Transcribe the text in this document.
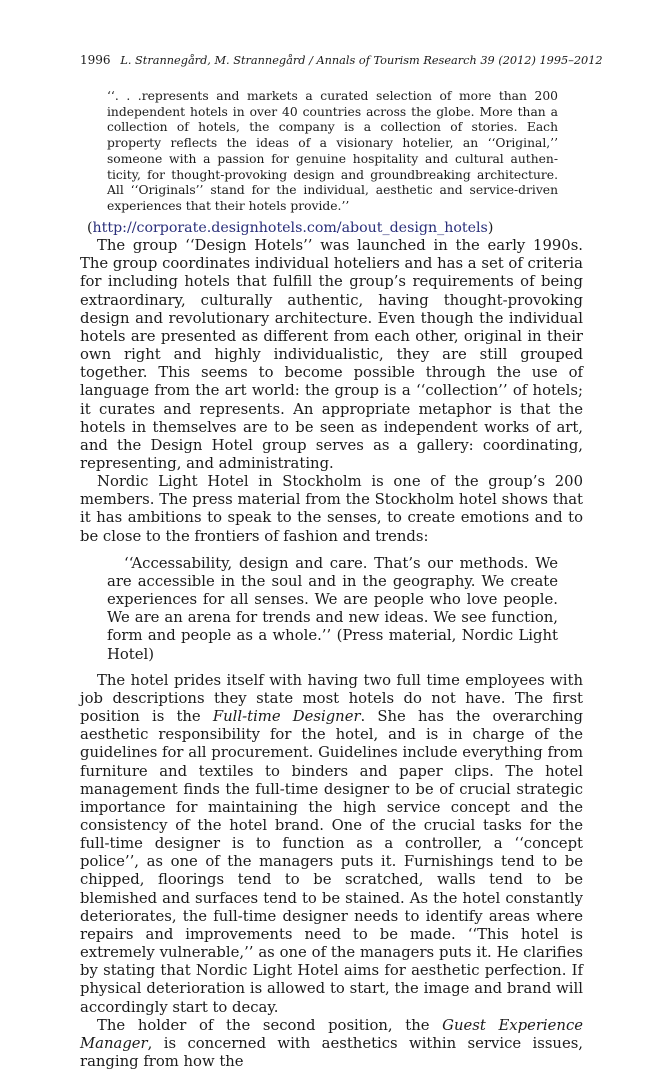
1996 L. Strannegård, M. Strannegård / Annals of Tourism Research 39 (2012) 1995–2012

‘‘. . .represents and markets a curated selection of more than 200 independent hotels in over 40 countries across the globe. More than a collection of hotels, the company is a collection of stories. Each property reflects the ideas of a visionary hotelier, an ‘‘Original,’’ someone with a passion for genuine hospitality and cultural authenticity, for thought-provoking design and groundbreaking architecture. All ‘‘Originals’’ stand for the individual, aesthetic and service-driven experiences that their hotels provide.’’

(http://corporate.designhotels.com/about_design_hotels)

The group ‘‘Design Hotels’’ was launched in the early 1990s. The group coordinates individual hoteliers and has a set of criteria for including hotels that fulfill the group’s requirements of being extraordinary, culturally authentic, having thought-provoking design and revolutionary architecture. Even though the individual hotels are presented as different from each other, original in their own right and highly individualistic, they are still grouped together. This seems to become possible through the use of language from the art world: the group is a ‘‘collection’’ of hotels; it curates and represents. An appropriate metaphor is that the hotels in themselves are to be seen as independent works of art, and the Design Hotel group serves as a gallery: coordinating, representing, and administrating.

Nordic Light Hotel in Stockholm is one of the group’s 200 members. The press material from the Stockholm hotel shows that it has ambitions to speak to the senses, to create emotions and to be close to the frontiers of fashion and trends:

‘‘Accessability, design and care. That’s our methods. We are accessible in the soul and in the geography. We create experiences for all senses. We are people who love people. We are an arena for trends and new ideas. We see function, form and people as a whole.’’ (Press material, Nordic Light Hotel)

The hotel prides itself with having two full time employees with job descriptions they state most hotels do not have. The first position is the Full-time Designer. She has the overarching aesthetic responsibility for the hotel, and is in charge of the guidelines for all procurement. Guidelines include everything from furniture and textiles to binders and paper clips. The hotel management finds the full-time designer to be of crucial strategic importance for maintaining the high service concept and the consistency of the hotel brand. One of the crucial tasks for the full-time designer is to function as a controller, a ‘‘concept police’’, as one of the managers puts it. Furnishings tend to be chipped, floorings tend to be scratched, walls tend to be blemished and surfaces tend to be stained. As the hotel constantly deteriorates, the full-time designer needs to identify areas where repairs and improvements need to be made. ‘‘This hotel is extremely vulnerable,’’ as one of the managers puts it. He clarifies by stating that Nordic Light Hotel aims for aesthetic perfection. If physical deterioration is allowed to start, the image and brand will accordingly start to decay.

The holder of the second position, the Guest Experience Manager, is concerned with aesthetics within service issues, ranging from how the
